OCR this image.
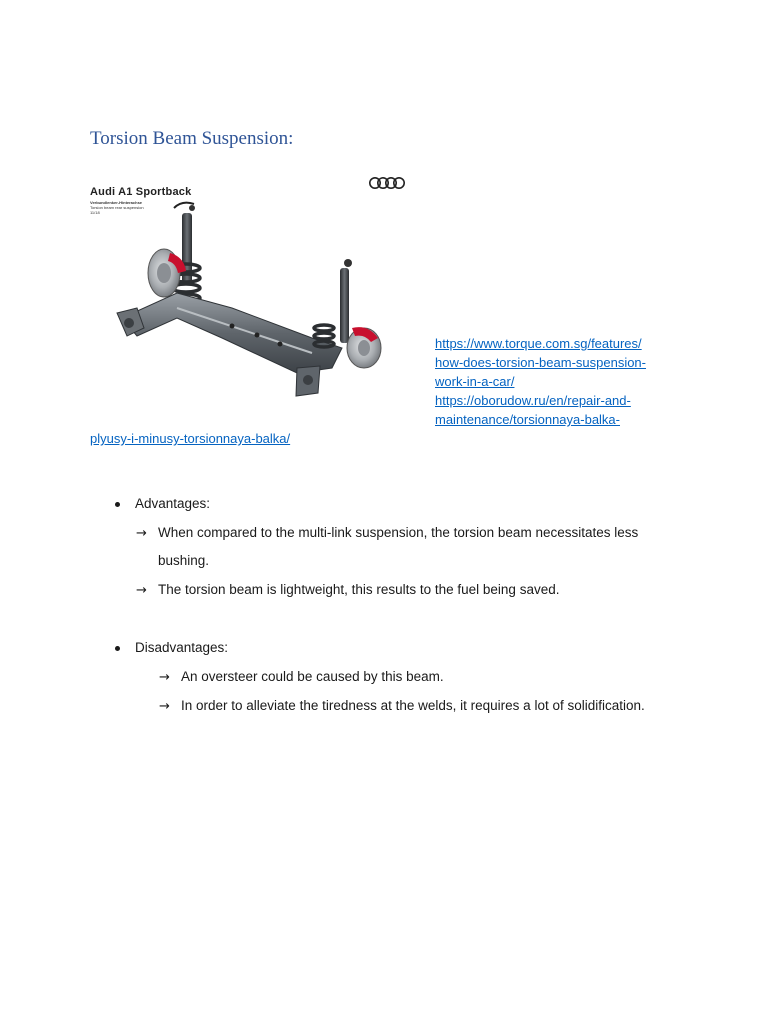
Torsion Beam Suspension:
Audi A1 Sportback
Verbundlenker-Hinterachse
Torsion beam rear suspension
11/18
https://www.torque.com.sg/features/
how-does-torsion-beam-suspension-
work-in-a-car/
https://oborudow.ru/en/repair-and-
maintenance/torsionnaya-balka-
plyusy-i-minusy-torsionnaya-balka/
Advantages:
→ When compared to the multi-link suspension, the torsion beam necessitates less
bushing.
→ The torsion beam is lightweight, this results to the fuel being saved.
Disadvantages:
→ An oversteer could be caused by this beam.
→ In order to alleviate the tiredness at the welds, it requires a lot of solidification.
